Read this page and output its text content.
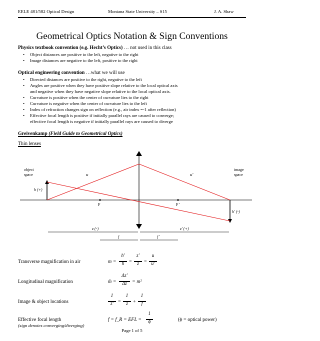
EELE 481/582 Optical Design	Montana State University – S15	J. A. Shaw
Geometrical Optics Notation & Sign Conventions
Physics textbook convention (e.g. Hecht’s Optics) … not used in this class
• Object distances are positive to the left, negative to the right
• Image distances are negative to the left, positive to the right
Optical engineering convention …what we will use
• Directed distances are positive to the right, negative to the left
• Angles are positive when they have positive slope relative to the local optical axis
and negative when they have negative slope relative to the local optical axis.
• Curvature is positive when the center of curvature lies to the right
• Curvature is negative when the center of curvature lies to the left
• Index of refraction changes sign on reflection (e.g., air index =-1 after reflection)
• Effective focal length is positive if initially parallel rays are caused to converge;
effective focal length is negative if initially parallel rays are caused to diverge
Greivenkamp (Field Guide to Geometrical Optics)
Thin lenses
object
space
image
space
h (+)
h' (-)
u	u'
z (-)	z' (+)
f	f '
F	F '
Transverse magnification in air	m =
h'
h =
z'
z	=
u
u'
Longitudinal magnification	m̄ =
Δz'
Δz	= m²
Image & object locations
1
z' =
1
z	+
1
f
Effective focal length	f = f_R = EFL =
1
ϕ	(ϕ = optical power)
(sign denotes converging/diverging)
Page 1 of 5
